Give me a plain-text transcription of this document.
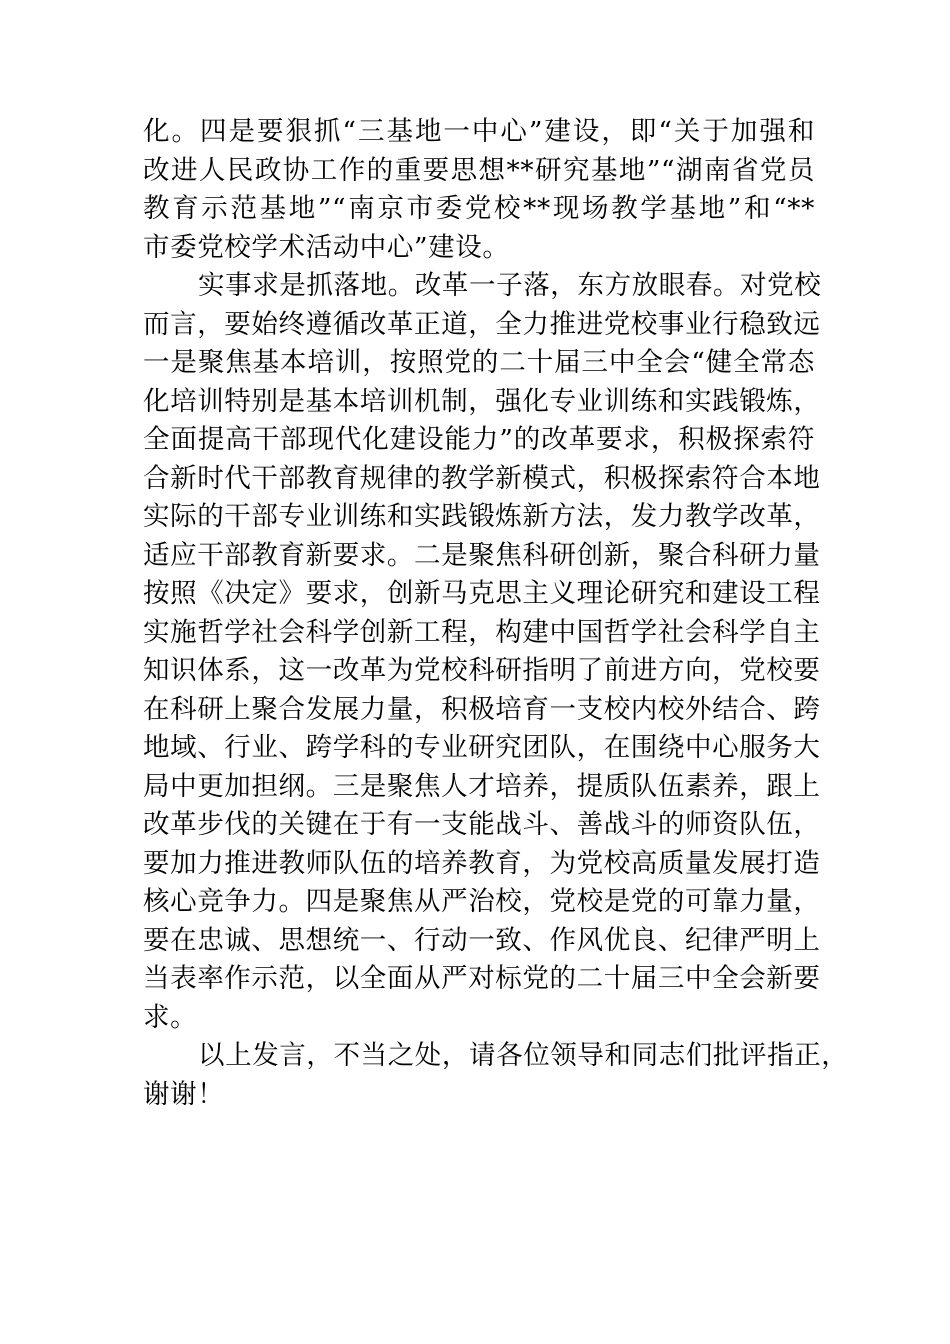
化。四是要狠抓“三基地一中心”建设，即“关于加强和
改进人民政协工作的重要思想**研究基地”“湖南省党员
教育示范基地”“南京市委党校**现场教学基地”和“**
市委党校学术活动中心”建设。
实事求是抓落地。改革一子落，东方放眼春。对党校
而言，要始终遵循改革正道，全力推进党校事业行稳致远
一是聚焦基本培训，按照党的二十届三中全会“健全常态
化培训特别是基本培训机制，强化专业训练和实践锻炼，
全面提高干部现代化建设能力”的改革要求，积极探索符
合新时代干部教育规律的教学新模式，积极探索符合本地
实际的干部专业训练和实践锻炼新方法，发力教学改革，
适应干部教育新要求。二是聚焦科研创新，聚合科研力量
按照《决定》要求，创新马克思主义理论研究和建设工程
实施哲学社会科学创新工程，构建中国哲学社会科学自主
知识体系，这一改革为党校科研指明了前进方向，党校要
在科研上聚合发展力量，积极培育一支校内校外结合、跨
地域、行业、跨学科的专业研究团队，在围绕中心服务大
局中更加担纲。三是聚焦人才培养，提质队伍素养，跟上
改革步伐的关键在于有一支能战斗、善战斗的师资队伍，
要加力推进教师队伍的培养教育，为党校高质量发展打造
核心竞争力。四是聚焦从严治校，党校是党的可靠力量，
要在忠诚、思想统一、行动一致、作风优良、纪律严明上
当表率作示范，以全面从严对标党的二十届三中全会新要
求。
以上发言，不当之处，请各位领导和同志们批评指正，
谢谢！
